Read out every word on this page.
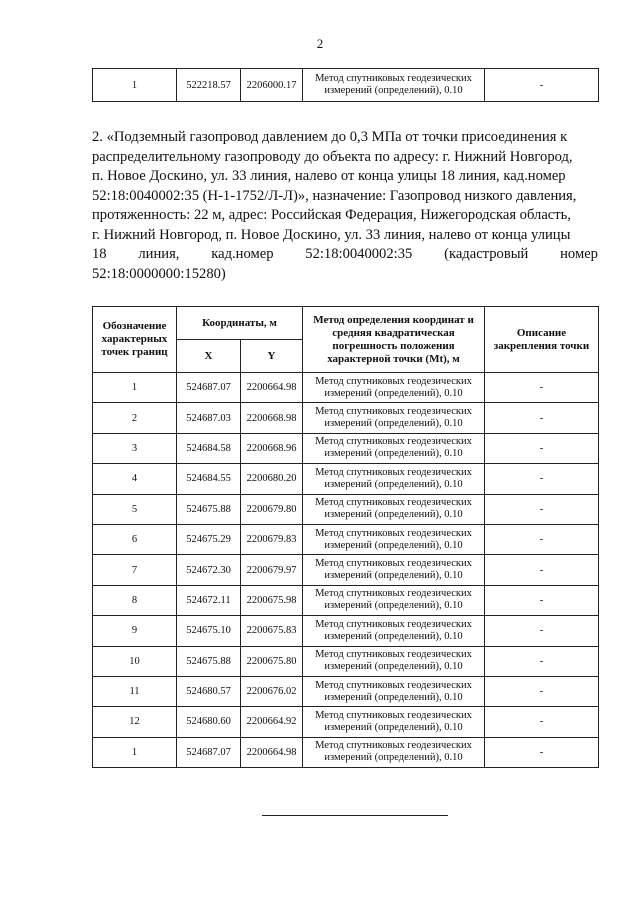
2
1	522218.57	2206000.17	Метод спутниковых геодезических
измерений (определений), 0.10	-
2. «Подземный газопровод давлением до 0,3 МПа от точки присоединения к
распределительному газопроводу до объекта по адресу: г. Нижний Новгород,
п. Новое Доскино, ул. 33 линия, налево от конца улицы 18 линия, кад.номер
52:18:0040002:35 (Н-1-1752/Л-Л)», назначение: Газопровод низкого давления,
протяженность: 22 м, адрес: Российская Федерация, Нижегородская область,
г. Нижний Новгород, п. Новое Доскино, ул. 33 линия, налево от конца улицы
18 линия, кад.номер 52:18:0040002:35 (кадастровый номер
52:18:0000000:15280)
Обозначение характерных точек границ	Координаты, м		Метод определения координат и средняя квадратическая погрешность положения характерной точки (Mt), м	Описание закрепления точки
	X	Y		
1	524687.07	2200664.98	Метод спутниковых геодезических
измерений (определений), 0.10	-
2	524687.03	2200668.98	Метод спутниковых геодезических
измерений (определений), 0.10	-
3	524684.58	2200668.96	Метод спутниковых геодезических
измерений (определений), 0.10	-
4	524684.55	2200680.20	Метод спутниковых геодезических
измерений (определений), 0.10	-
5	524675.88	2200679.80	Метод спутниковых геодезических
измерений (определений), 0.10	-
6	524675.29	2200679.83	Метод спутниковых геодезических
измерений (определений), 0.10	-
7	524672.30	2200679.97	Метод спутниковых геодезических
измерений (определений), 0.10	-
8	524672.11	2200675.98	Метод спутниковых геодезических
измерений (определений), 0.10	-
9	524675.10	2200675.83	Метод спутниковых геодезических
измерений (определений), 0.10	-
10	524675.88	2200675.80	Метод спутниковых геодезических
измерений (определений), 0.10	-
11	524680.57	2200676.02	Метод спутниковых геодезических
измерений (определений), 0.10	-
12	524680.60	2200664.92	Метод спутниковых геодезических
измерений (определений), 0.10	-
1	524687.07	2200664.98	Метод спутниковых геодезических
измерений (определений), 0.10	-
